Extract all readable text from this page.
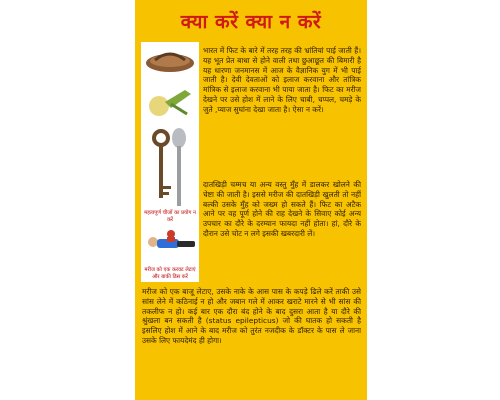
क्या करें क्या न करें
महत्वपूर्ण चीजों का प्रयोग न करें
मरीज को एक करवट लेटाएं और बाकी डिस करें
भारत में फिट के बारे में तरह तरह की भ्रांतियां पाई जाती हैं। यह भूत प्रेत बाधा से होने वाली तथा छुआछूत की बिमारी है यह धारणा जनमानस में आज के वैज्ञानिक युग में भी पाई जाती है। देवी देवताओं को इलाज करवाना और तांत्रिक मांत्रिक से इलाज करवाना भी पाया जाता है। फिट का मरीज देखने पर उसे होश में लाने के लिए चाबी, चप्पल, चमड़े के जुते ,प्याज सुघांना देखा जाता है। ऐसा न करें।
दातखिड़ी चम्मच या अन्य वस्तु मुँह में डालकर खोलने की चेष्टा की जाती है। इससे मरीज की दातखिड़ी खुलती तो नहीं बल्की उसके मुँह को जख्म हो सकते हैं। फिट का अटैक आने पर वह पूर्ण होने की राह देखने के सिवाए कोई अन्य उपचार का दौरे के दरम्यान फायदा नहीं होता। हां, दौरे के दौरान उसे चोट न लगे इसकी खबरदारी लें।
मरीज को एक बाजू लेटाए, उसके नाके के आस पास के कपड़े ढिले करें ताकी उसे सांस लेने में कठिनाई न हो और जबान गले में आकर खराटे मारने से भी सांस की तकलीफ न हो। कई बार एक दौरा बंद होने के बाद दुसरा आता है या दौरे की श्रुंखला बन सकती है (status epilepticus) जो की घातक हो सकती है इसलिए होश में आने के बाद मरीज को तुरंत नजदीक के डॉक्टर के पास ले जाना उसके लिए फायदेमंद ही होगा।
